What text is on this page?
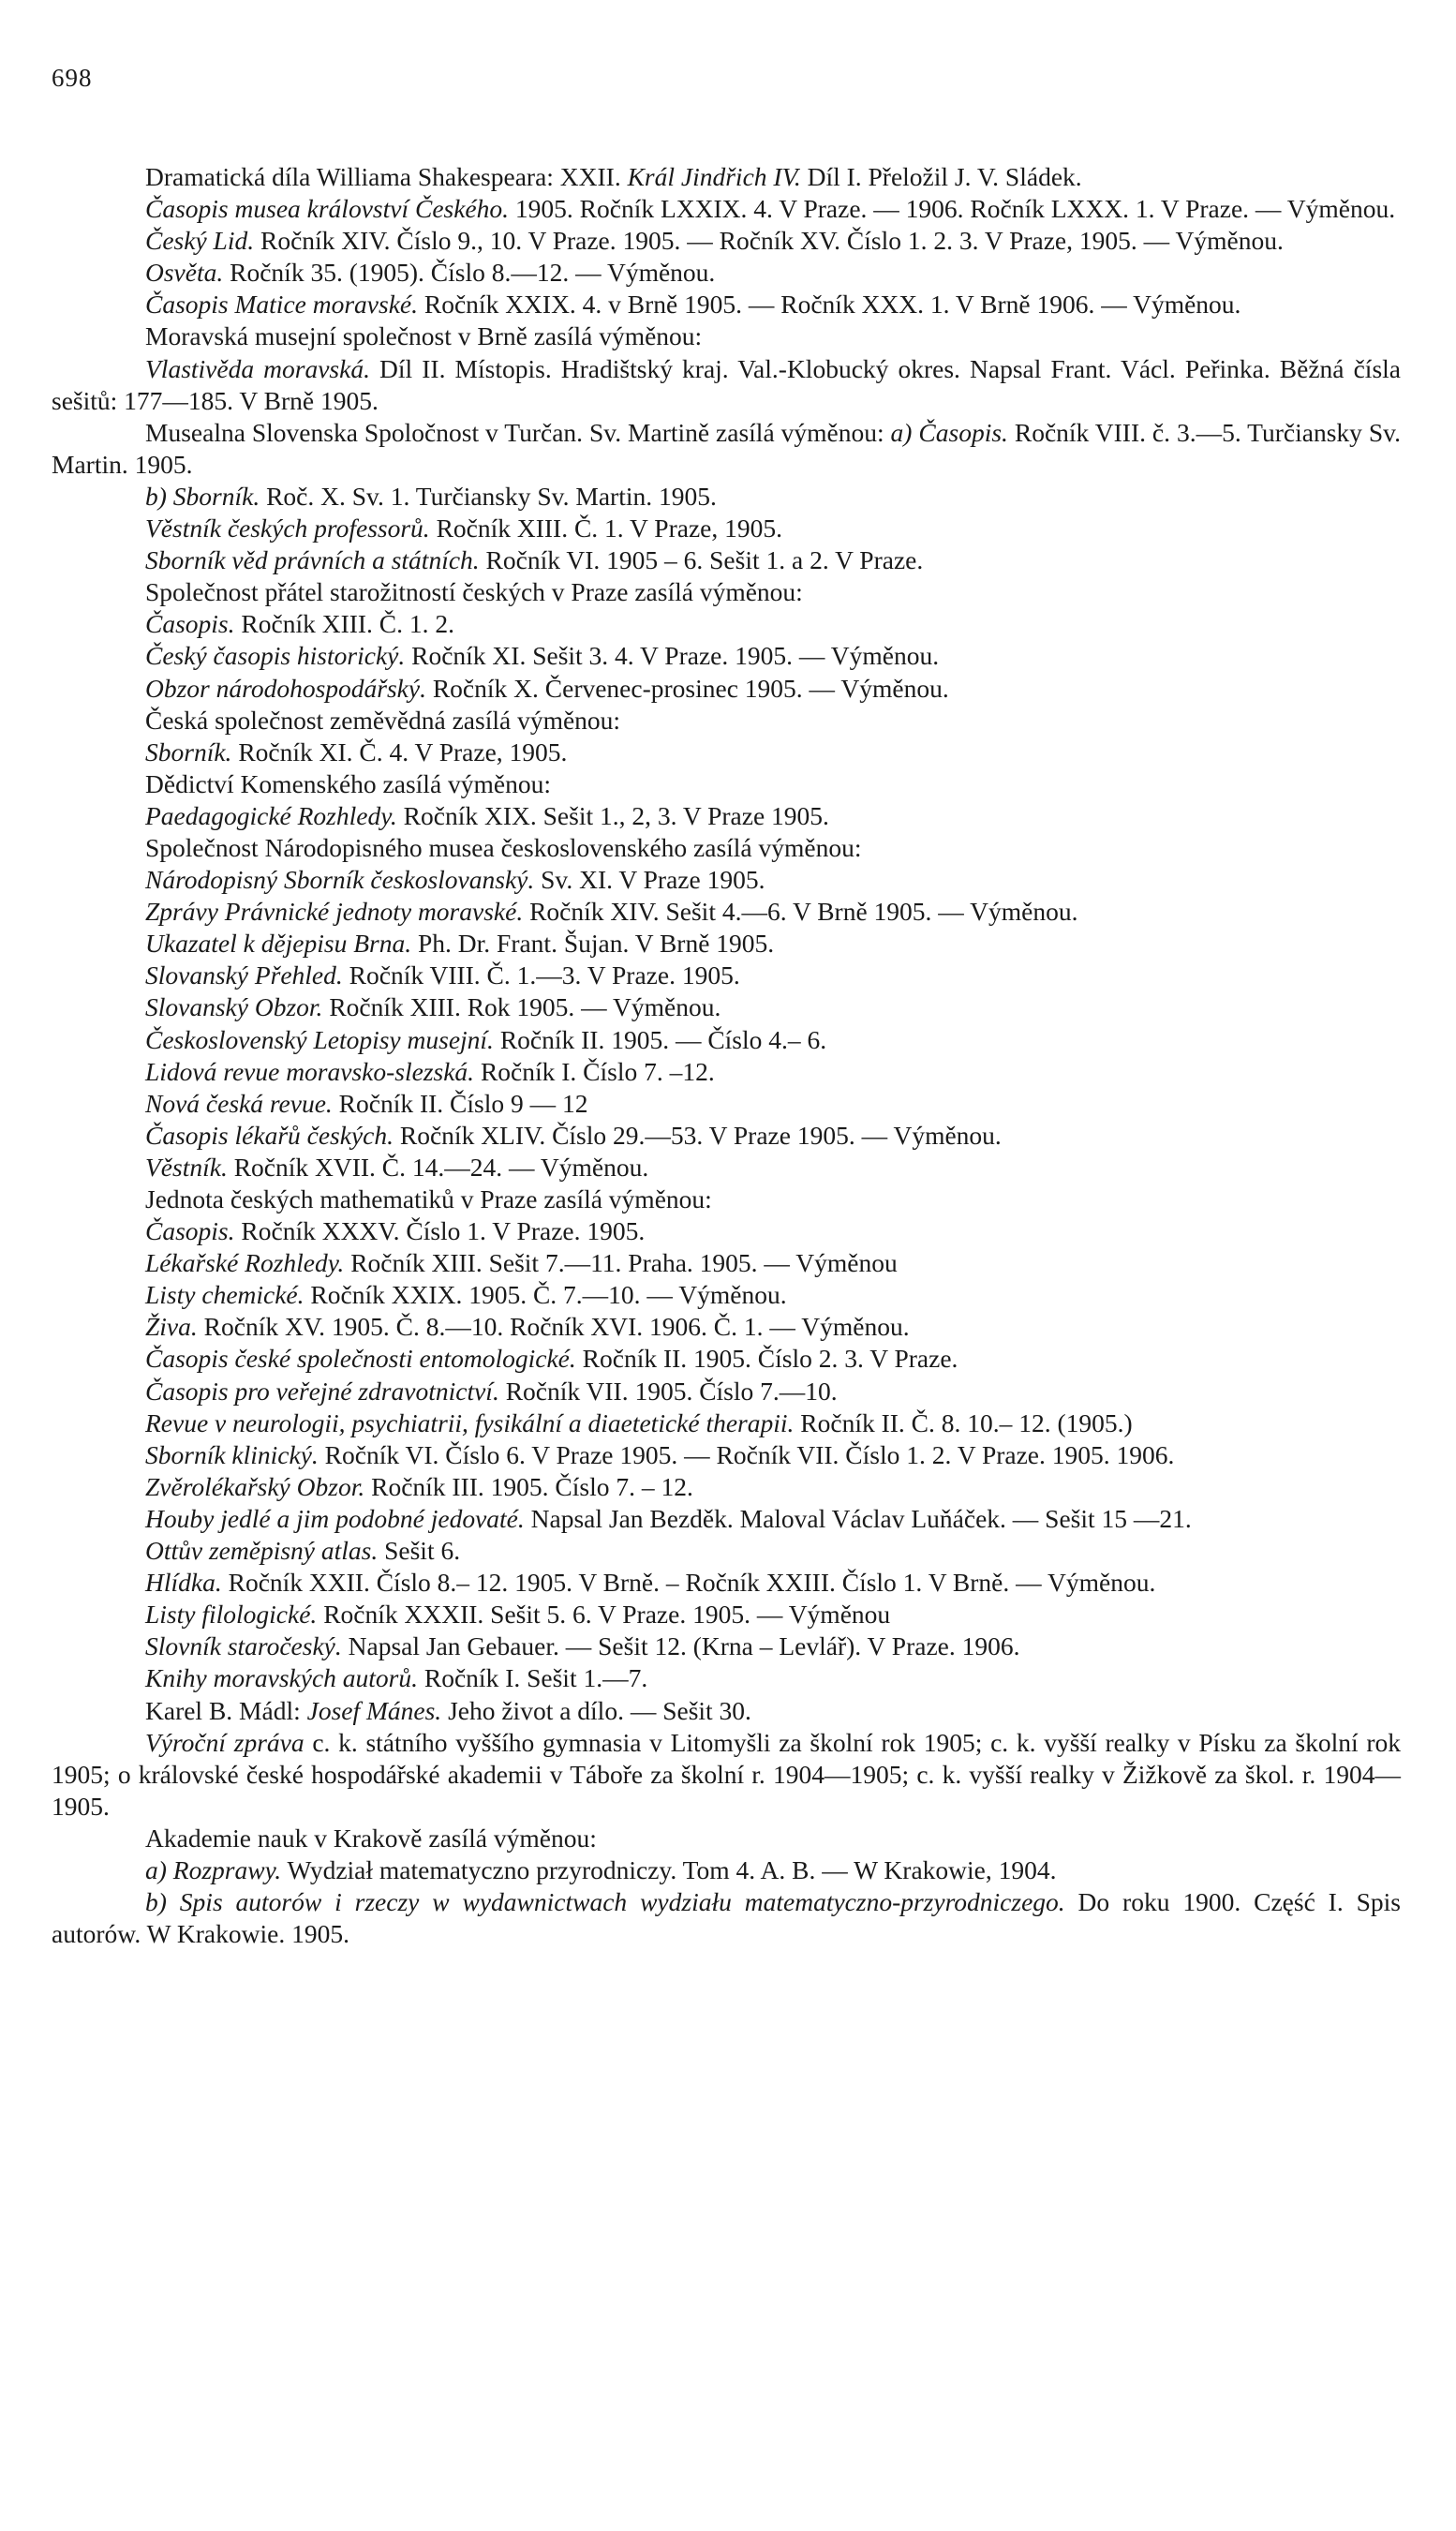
698

Dramatická díla Williama Shakespeara: XXII. Král Jindřich IV. Díl I. Přeložil J. V. Sládek.

Časopis musea království Českého. 1905. Ročník LXXIX. 4. V Praze. — 1906. Ročník LXXX. 1. V Praze. — Výměnou.

Český Lid. Ročník XIV. Číslo 9., 10. V Praze. 1905. — Ročník XV. Číslo 1. 2. 3. V Praze, 1905. — Výměnou.

Osvěta. Ročník 35. (1905). Číslo 8.—12. — Výměnou.

Časopis Matice moravské. Ročník XXIX. 4. v Brně 1905. — Ročník XXX. 1. V Brně 1906. — Výměnou.

Moravská musejní společnost v Brně zasílá výměnou:

Vlastivěda moravská. Díl II. Místopis. Hradištský kraj. Val.-Klobucký okres. Napsal Frant. Václ. Peřinka. Běžná čísla sešitů: 177—185. V Brně 1905.

Musealna Slovenska Spoločnost v Turčan. Sv. Martině zasílá výměnou: a) Časopis. Ročník VIII. č. 3.—5. Turčiansky Sv. Martin. 1905.

b) Sborník. Roč. X. Sv. 1. Turčiansky Sv. Martin. 1905.

Věstník českých professorů. Ročník XIII. Č. 1. V Praze, 1905.

Sborník věd právních a státních. Ročník VI. 1905 – 6. Sešit 1. a 2. V Praze.

Společnost přátel starožitností českých v Praze zasílá výměnou:

Časopis. Ročník XIII. Č. 1. 2.

Český časopis historický. Ročník XI. Sešit 3. 4. V Praze. 1905. — Výměnou.

Obzor národohospodářský. Ročník X. Červenec-prosinec 1905. — Výměnou.

Česká společnost zeměvědná zasílá výměnou:

Sborník. Ročník XI. Č. 4. V Praze, 1905.

Dědictví Komenského zasílá výměnou:

Paedagogické Rozhledy. Ročník XIX. Sešit 1., 2, 3. V Praze 1905.

Společnost Národopisného musea československého zasílá výměnou:

Národopisný Sborník českoslovanský. Sv. XI. V Praze 1905.

Zprávy Právnické jednoty moravské. Ročník XIV. Sešit 4.—6. V Brně 1905. — Výměnou.

Ukazatel k dějepisu Brna. Ph. Dr. Frant. Šujan. V Brně 1905.

Slovanský Přehled. Ročník VIII. Č. 1.—3. V Praze. 1905.

Slovanský Obzor. Ročník XIII. Rok 1905. — Výměnou.

Československý Letopisy musejní. Ročník II. 1905. — Číslo 4.– 6.

Lidová revue moravsko-slezská. Ročník I. Číslo 7. –12.

Nová česká revue. Ročník II. Číslo 9 — 12

Časopis lékařů českých. Ročník XLIV. Číslo 29.—53. V Praze 1905. — Výměnou.

Věstník. Ročník XVII. Č. 14.—24. — Výměnou.

Jednota českých mathematiků v Praze zasílá výměnou:

Časopis. Ročník XXXV. Číslo 1. V Praze. 1905.

Lékařské Rozhledy. Ročník XIII. Sešit 7.—11. Praha. 1905. — Výměnou

Listy chemické. Ročník XXIX. 1905. Č. 7.—10. — Výměnou.

Živa. Ročník XV. 1905. Č. 8.—10. Ročník XVI. 1906. Č. 1. — Výměnou.

Časopis české společnosti entomologické. Ročník II. 1905. Číslo 2. 3. V Praze.

Časopis pro veřejné zdravotnictví. Ročník VII. 1905. Číslo 7.—10.

Revue v neurologii, psychiatrii, fysikální a diaetetické therapii. Ročník II. Č. 8. 10.– 12. (1905.)

Sborník klinický. Ročník VI. Číslo 6. V Praze 1905. — Ročník VII. Číslo 1. 2. V Praze. 1905. 1906.

Zvěrolékařský Obzor. Ročník III. 1905. Číslo 7. – 12.

Houby jedlé a jim podobné jedovaté. Napsal Jan Bezděk. Maloval Václav Luňáček. — Sešit 15 —21.

Ottův zeměpisný atlas. Sešit 6.

Hlídka. Ročník XXII. Číslo 8.– 12. 1905. V Brně. – Ročník XXIII. Číslo 1. V Brně. — Výměnou.

Listy filologické. Ročník XXXII. Sešit 5. 6. V Praze. 1905. — Výměnou

Slovník staročeský. Napsal Jan Gebauer. — Sešit 12. (Krna – Levlář). V Praze. 1906.

Knihy moravských autorů. Ročník I. Sešit 1.—7.

Karel B. Mádl: Josef Mánes. Jeho život a dílo. — Sešit 30.

Výroční zpráva c. k. státního vyššího gymnasia v Litomyšli za školní rok 1905; c. k. vyšší realky v Písku za školní rok 1905; o královské české hospodářské akademii v Táboře za školní r. 1904—1905; c. k. vyšší realky v Žižkově za škol. r. 1904—1905.

Akademie nauk v Krakově zasílá výměnou:

a) Rozprawy. Wydział matematyczno przyrodniczy. Tom 4. A. B. — W Krakowie, 1904.

b) Spis autorów i rzeczy w wydawnictwach wydziału matematyczno-przyrodniczego. Do roku 1900. Część I. Spis autorów. W Krakowie. 1905.
